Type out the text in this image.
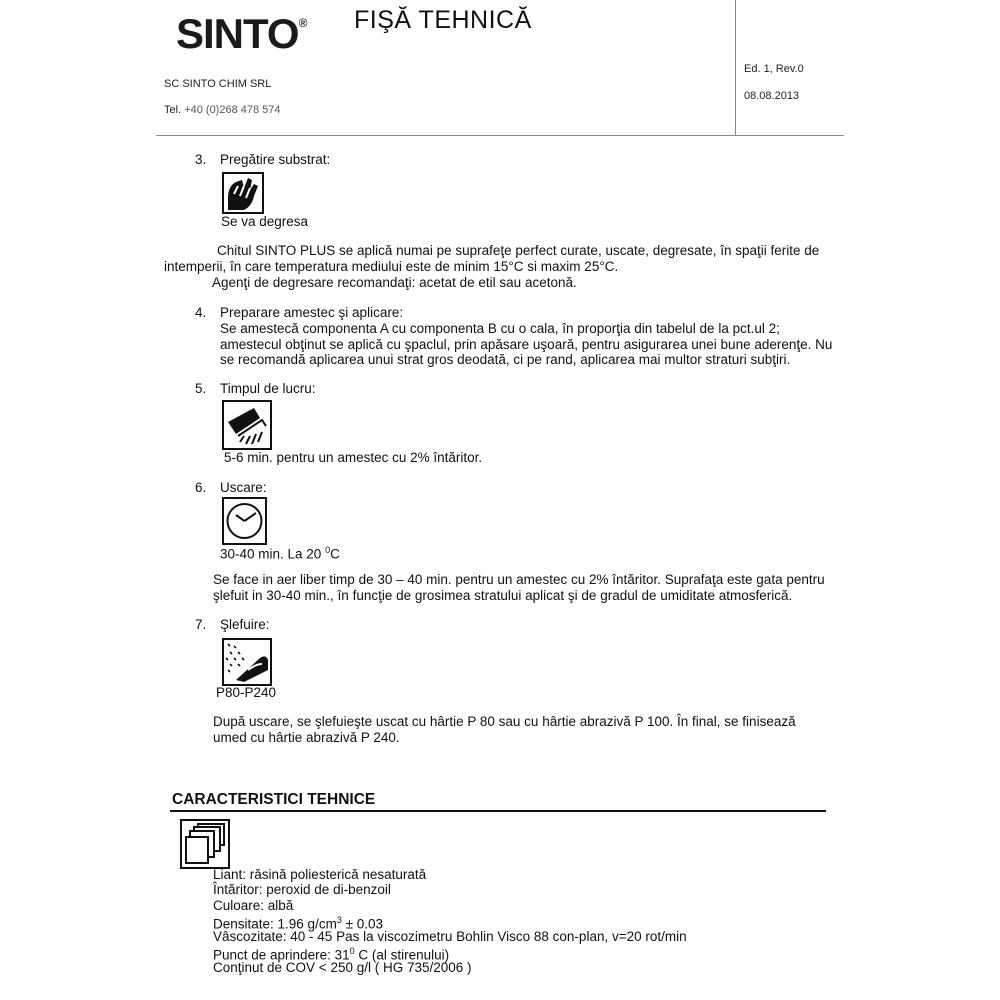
SINTO® FIŞĂ TEHNICĂ
SC SINTO CHIM SRL
Tel. +40 (0)268 478 574
Ed. 1, Rev.0
08.08.2013
3. Pregătire substrat:
Se va degresa
Chitul SINTO PLUS se aplică numai pe suprafeţe perfect curate, uscate, degresate, în spaţii ferite de
intemperii, în care temperatura mediului este de minim 15°C si maxim 25°C.
Agenţi de degresare recomandaţi: acetat de etil sau acetonă.
4. Preparare amestec şi aplicare:
Se amestecă componenta A cu componenta B cu o cala, în proporţia din tabelul de la pct.ul 2;
amestecul obţinut se aplică cu şpaclul, prin apăsare uşoară, pentru asigurarea unei bune aderenţe. Nu
se recomandă aplicarea unui strat gros deodată, ci pe rand, aplicarea mai multor straturi subţiri.
5. Timpul de lucru:
5-6 min. pentru un amestec cu 2% întăritor.
6. Uscare:
30-40 min. La 20 $^0$C
Se face in aer liber timp de 30 – 40 min. pentru un amestec cu 2% întăritor. Suprafaţa este gata pentru
şlefuit in 30-40 min., în funcţie de grosimea stratului aplicat şi de gradul de umiditate atmosferică.
7. Şlefuire:
P80-P240
După uscare, se şlefuieşte uscat cu hârtie P 80 sau cu hârtie abrazivă P 100. În final, se finisează
umed cu hârtie abrazivă P 240.
CARACTERISTICI TEHNICE
Liant: răsină poliesterică nesaturată
Întăritor: peroxid de di-benzoil
Culoare: albă
Densitate: 1.96 $g/cm^3 \pm 0.03$
Vâscozitate: 40 - 45 Pas la viscozimetru Bohlin Visco 88 con-plan, v=20 rot/min
Punct de aprindere: $31^0$ C (al stirenului)
Conţinut de COV < 250 g/l ( HG 735/2006 )
